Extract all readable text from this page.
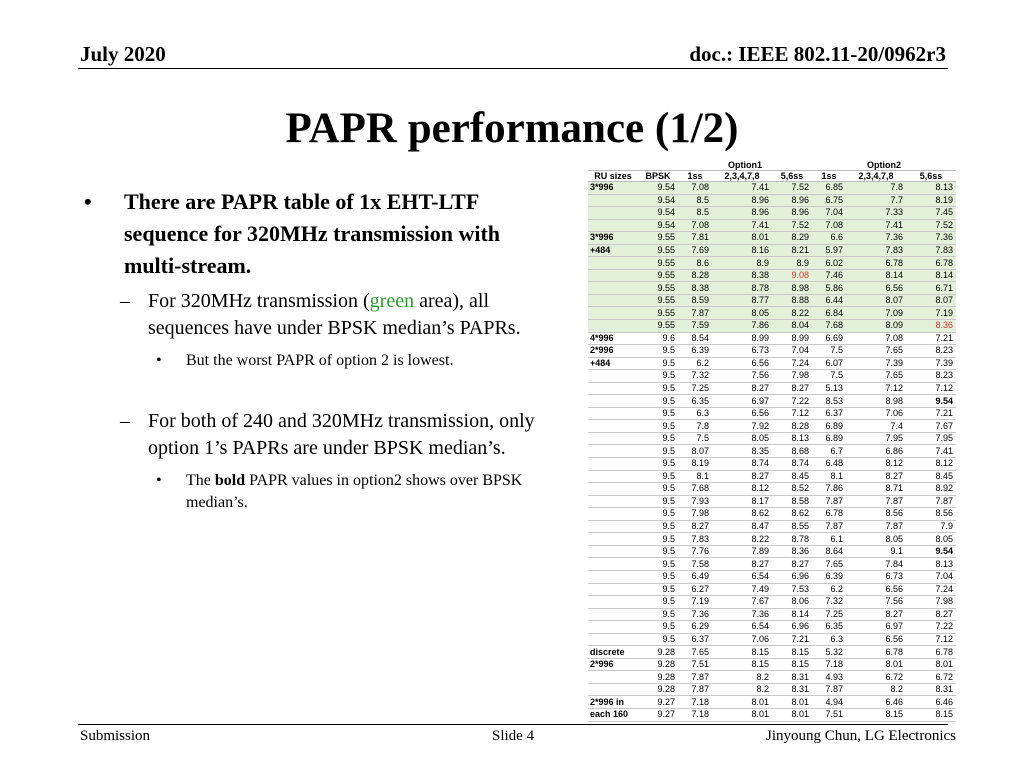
July 2020	doc.: IEEE 802.11-20/0962r3
PAPR performance (1/2)
• There are PAPR table of 1x EHT-LTF sequence for 320MHz transmission with multi-stream.
– For 320MHz transmission (green area), all sequences have under BPSK median’s PAPRs.
• But the worst PAPR of option 2 is lowest.
– For both of 240 and 320MHz transmission, only option 1’s PAPRs are under BPSK median’s.
• The bold PAPR values in option2 shows over BPSK median’s.
		Option1			Option2		
RU sizes	BPSK	1ss	2,3,4,7,8	5,6ss	1ss	2,3,4,7,8	5,6ss
3*996	9.54	7.08	7.41	7.52	6.85	7.8	8.13
	9.54	8.5	8.96	8.96	6.75	7.7	8.19
	9.54	8.5	8.96	8.96	7.04	7.33	7.45
	9.54	7.08	7.41	7.52	7.08	7.41	7.52
3*996	9.55	7.81	8.01	8.29	6.6	7.36	7.36
+484	9.55	7.69	8.16	8.21	5.97	7.83	7.83
	9.55	8.6	8.9	8.9	6.02	6.78	6.78
	9.55	8.28	8.38	9.08	7.46	8.14	8.14
	9.55	8.38	8.78	8.98	5.86	6.56	6.71
	9.55	8.59	8.77	8.88	6.44	8.07	8.07
	9.55	7.87	8.05	8.22	6.84	7.09	7.19
	9.55	7.59	7.86	8.04	7.68	8.09	8.36
4*996	9.6	8.54	8.99	8.99	6.69	7.08	7.21
2*996	9.5	6.39	6.73	7.04	7.5	7.65	8.23
+484	9.5	6.2	6.56	7.24	6.07	7.39	7.39
	9.5	7.32	7.56	7.98	7.5	7.65	8.23
	9.5	7.25	8.27	8.27	5.13	7.12	7.12
	9.5	6.35	6.97	7.22	8.53	8.98	9.54
	9.5	6.3	6.56	7.12	6.37	7.06	7.21
	9.5	7.8	7.92	8.28	6.89	7.4	7.67
	9.5	7.5	8.05	8.13	6.89	7.95	7.95
	9.5	8.07	8.35	8.68	6.7	6.86	7.41
	9.5	8.19	8.74	8.74	6.48	8.12	8.12
	9.5	8.1	8.27	8.45	8.1	8.27	8.45
	9.5	7.68	8.12	8.52	7.86	8.71	8.92
	9.5	7.93	8.17	8.58	7.87	7.87	7.87
	9.5	7.98	8.62	8.62	6.78	8.56	8.56
	9.5	8.27	8.47	8.55	7.87	7.87	7.9
	9.5	7.83	8.22	8.78	6.1	8.05	8.05
	9.5	7.76	7.89	8.36	8.64	9.1	9.54
	9.5	7.58	8.27	8.27	7.65	7.84	8.13
	9.5	6.49	6.54	6.96	6.39	6.73	7.04
	9.5	6.27	7.49	7.53	6.2	6.56	7.24
	9.5	7.19	7.67	8.06	7.32	7.56	7.98
	9.5	7.36	7.36	8.14	7.25	8.27	8.27
	9.5	6.29	6.54	6.96	6.35	6.97	7.22
	9.5	6.37	7.06	7.21	6.3	6.56	7.12
discrete	9.28	7.65	8.15	8.15	5.32	6.78	6.78
2*996	9.28	7.51	8.15	8.15	7.18	8.01	8.01
	9.28	7.87	8.2	8.31	4.93	6.72	6.72
	9.28	7.87	8.2	8.31	7.87	8.2	8.31
2*996 in	9.27	7.18	8.01	8.01	4.94	6.46	6.46
each 160	9.27	7.18	8.01	8.01	7.51	8.15	8.15
Submission	Slide 4	Jinyoung Chun, LG Electronics
